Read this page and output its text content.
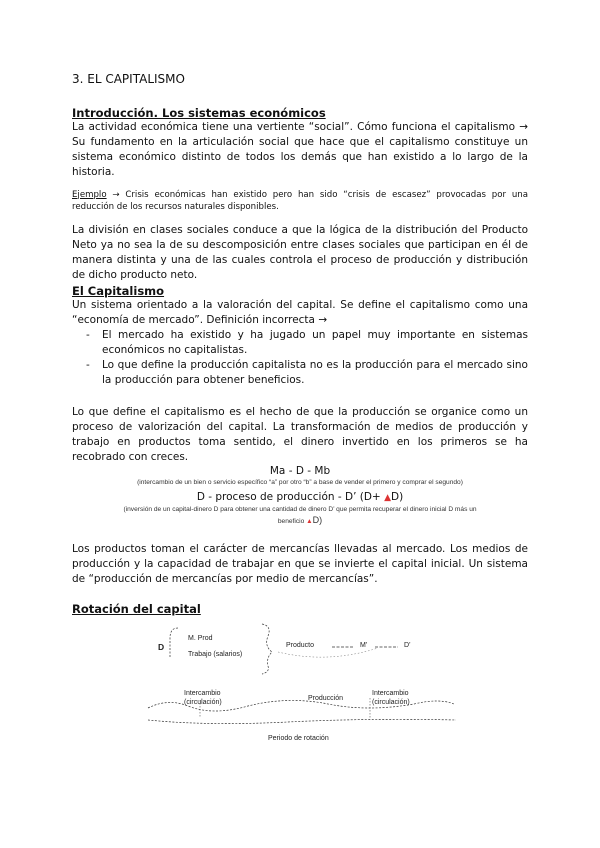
3. EL CAPITALISMO

Introducción. Los sistemas económicos

La actividad económica tiene una vertiente “social”. Cómo funciona el capitalismo → Su fundamento en la articulación social que hace que el capitalismo constituye un sistema económico distinto de todos los demás que han existido a lo largo de la historia.

Ejemplo → Crisis económicas han existido pero han sido “crisis de escasez” provocadas por una reducción de los recursos naturales disponibles.

La división en clases sociales conduce a que la lógica de la distribución del Producto Neto ya no sea la de su descomposición entre clases sociales que participan en él de manera distinta y una de las cuales controla el proceso de producción y distribución de dicho producto neto.

El Capitalismo

Un sistema orientado a la valoración del capital. Se define el capitalismo como una “economía de mercado”. Definición incorrecta →

- El mercado ha existido y ha jugado un papel muy importante en sistemas económicos no capitalistas.
- Lo que define la producción capitalista no es la producción para el mercado sino la producción para obtener beneficios.

Lo que define el capitalismo es el hecho de que la producción se organice como un proceso de valorización del capital. La transformación de medios de producción y trabajo en productos toma sentido, el dinero invertido en los primeros se ha recobrado con creces.

Ma - D - Mb
(intercambio de un bien o servicio específico “a” por otro “b” a base de vender el primero y comprar el segundo)
D - proceso de producción - D’ (D+ ▲D)
(inversión de un capital-dinero D para obtener una cantidad de dinero D’ que permita recuperar el dinero inicial D más un
beneficio ▲D)

Los productos toman el carácter de mercancías llevadas al mercado. Los medios de producción y la capacidad de trabajar en que se invierte el capital inicial. Un sistema de “producción de mercancías por medio de mercancías”.

Rotación del capital

D
M. Prod
Trabajo (salarios)
Producto	M’	D’
Intercambio
(circulación)
Producción
Intercambio
(circulación)
Periodo de rotación
